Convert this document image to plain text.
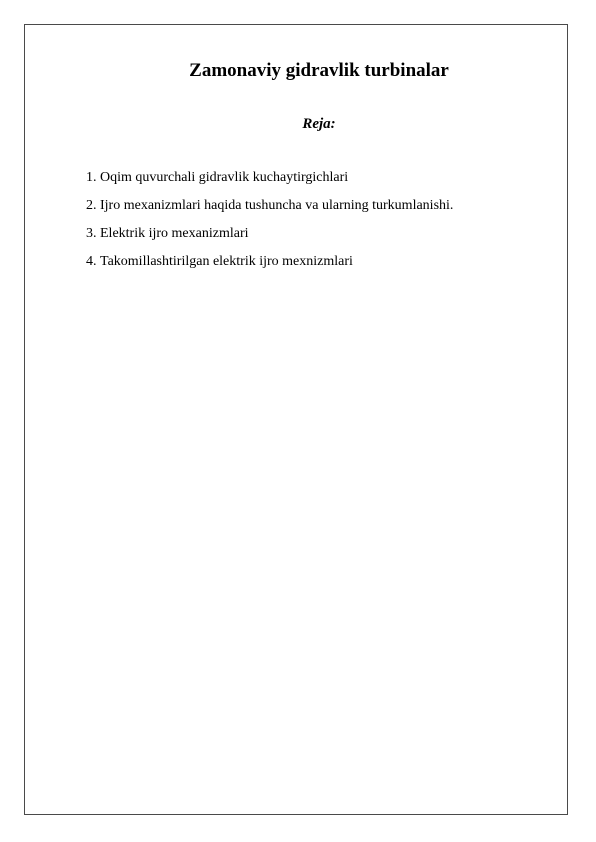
Zamonaviy gidravlik turbinalar
Reja:
1. Oqim quvurchali gidravlik kuchaytirgichlari
2. Ijro mexanizmlari haqida tushuncha va ularning turkumlanishi.
3. Elektrik ijro mexanizmlari
4. Takomillashtirilgan elektrik ijro mexnizmlari
